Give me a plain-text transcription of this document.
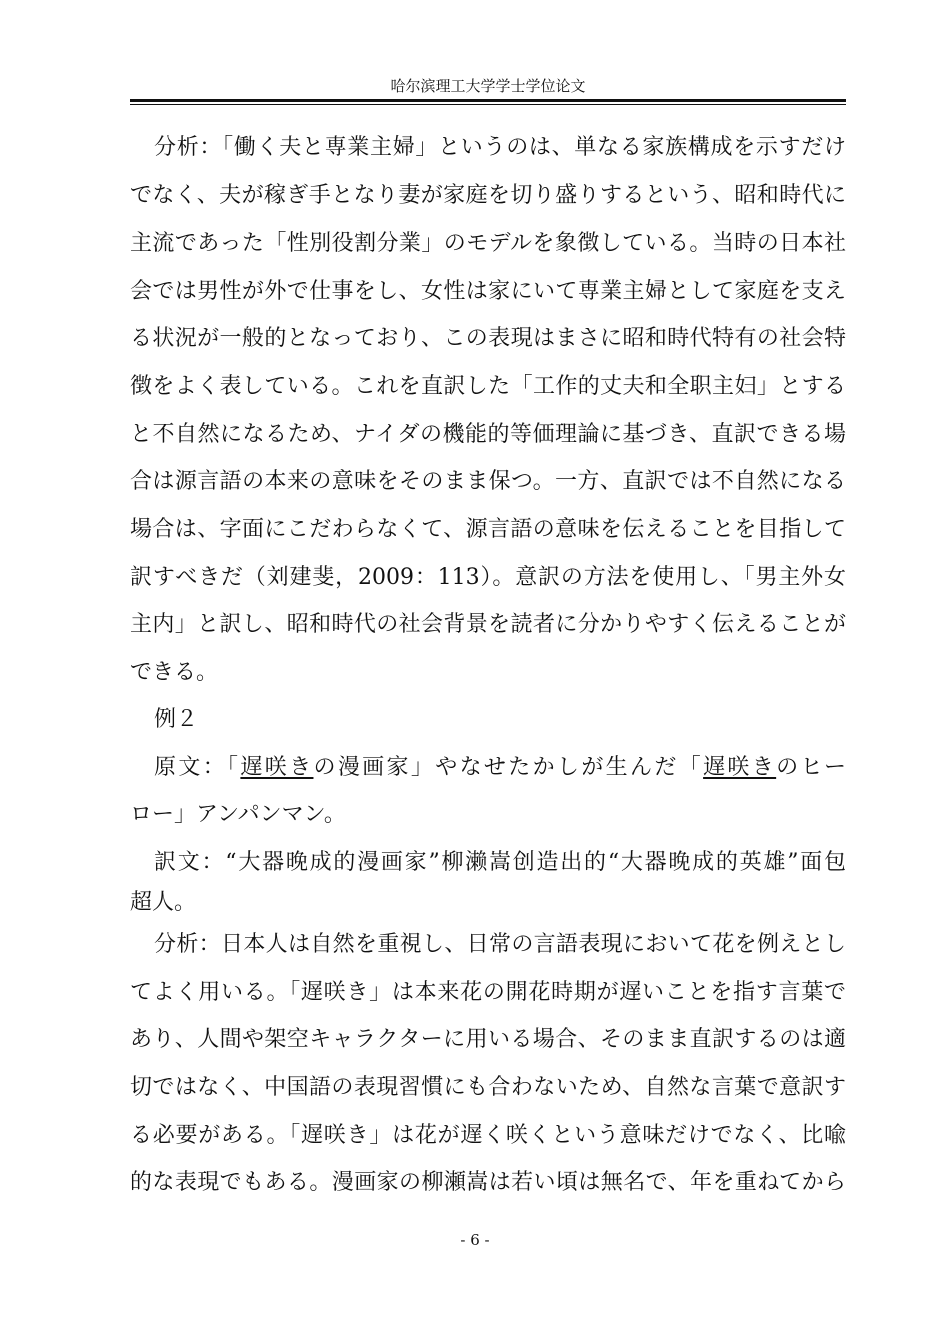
哈尔滨理工大学学士学位论文
分析：「働く夫と専業主婦」というのは、単なる家族構成を示すだけ
でなく、夫が稼ぎ手となり妻が家庭を切り盛りするという、昭和時代に
主流であった「性別役割分業」のモデルを象徴している。当時の日本社
会では男性が外で仕事をし、女性は家にいて専業主婦として家庭を支え
る状況が一般的となっており、この表現はまさに昭和時代特有の社会特
徴をよく表している。これを直訳した「工作的丈夫和全职主妇」とする
と不自然になるため、ナイダの機能的等価理論に基づき、直訳できる場
合は源言語の本来の意味をそのまま保つ。一方、直訳では不自然になる
場合は、字面にこだわらなくて、源言語の意味を伝えることを目指して
訳すべきだ（刘建斐，2009：113）。意訳の方法を使用し、「男主外女
主内」と訳し、昭和時代の社会背景を読者に分かりやすく伝えることが
できる。
例２
原文：「遅咲きの漫画家」やなせたかしが生んだ「遅咲きのヒー
ロー」アンパンマン。
訳文：“大器晚成的漫画家”柳濑嵩创造出的“大器晚成的英雄”面包
超人。
分析：日本人は自然を重視し、日常の言語表現において花を例えとし
てよく用いる。「遅咲き」は本来花の開花時期が遅いことを指す言葉で
あり、人間や架空キャラクターに用いる場合、そのまま直訳するのは適
切ではなく、中国語の表現習慣にも合わないため、自然な言葉で意訳す
る必要がある。「遅咲き」は花が遅く咲くという意味だけでなく、比喩
的な表現でもある。漫画家の柳瀬嵩は若い頃は無名で、年を重ねてから
- 6 -
